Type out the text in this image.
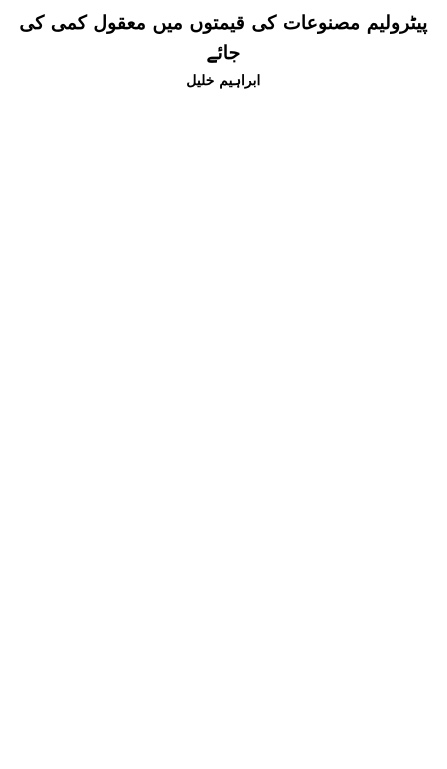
پیٹرولیم مصنوعات کی قیمتوں میں معقول کمی کی جائے
ابراہیم خلیل
